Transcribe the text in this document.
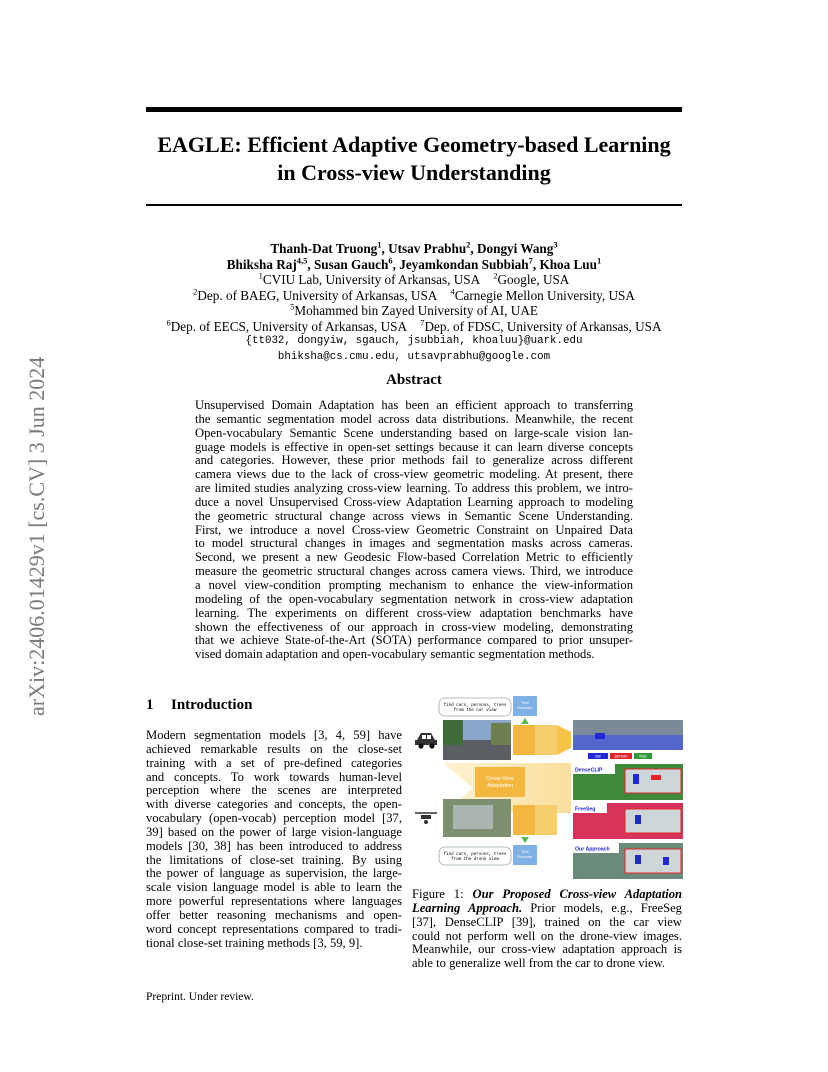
arXiv:2406.01429v1 [cs.CV] 3 Jun 2024
EAGLE: Efficient Adaptive Geometry-based Learning
in Cross-view Understanding
Thanh-Dat Truong$^1$, Utsav Prabhu$^2$, Dongyi Wang$^3$
Bhiksha Raj$^{4,5}$, Susan Gauch$^6$, Jeyamkondan Subbiah$^7$, Khoa Luu$^1$
$^1$CVIU Lab, University of Arkansas, USA $^2$Google, USA
$^2$Dep. of BAEG, University of Arkansas, USA $^4$Carnegie Mellon University, USA
$^5$Mohammed bin Zayed University of AI, UAE
$^6$Dep. of EECS, University of Arkansas, USA $^7$Dep. of FDSC, University of Arkansas, USA
{tt032, dongyiw, sgauch, jsubbiah, khoaluu}@uark.edu
bhiksha@cs.cmu.edu, utsavprabhu@google.com
Abstract
Unsupervised Domain Adaptation has been an efficient approach to transferring
the semantic segmentation model across data distributions. Meanwhile, the recent
Open-vocabulary Semantic Scene understanding based on large-scale vision lan-
guage models is effective in open-set settings because it can learn diverse concepts
and categories. However, these prior methods fail to generalize across different
camera views due to the lack of cross-view geometric modeling. At present, there
are limited studies analyzing cross-view learning. To address this problem, we intro-
duce a novel Unsupervised Cross-view Adaptation Learning approach to modeling
the geometric structural change across views in Semantic Scene Understanding.
First, we introduce a novel Cross-view Geometric Constraint on Unpaired Data
to model structural changes in images and segmentation masks across cameras.
Second, we present a new Geodesic Flow-based Correlation Metric to efficiently
measure the geometric structural changes across camera views. Third, we introduce
a novel view-condition prompting mechanism to enhance the view-information
modeling of the open-vocabulary segmentation network in cross-view adaptation
learning. The experiments on different cross-view adaptation benchmarks have
shown the effectiveness of our approach in cross-view modeling, demonstrating
that we achieve State-of-the-Art (SOTA) performance compared to prior unsuper-
vised domain adaptation and open-vocabulary semantic segmentation methods.
1 Introduction
Modern segmentation models [3, 4, 59] have
achieved remarkable results on the close-set
training with a set of pre-defined categories
and concepts. To work towards human-level
perception where the scenes are interpreted
with diverse categories and concepts, the open-
vocabulary (open-vocab) perception model [37,
39] based on the power of large vision-language
models [30, 38] has been introduced to address
the limitations of close-set training. By using
the power of language as supervision, the large-
scale vision language model is able to learn the
more powerful representations where languages
offer better reasoning mechanisms and open-
word concept representations compared to tradi-
tional close-set training methods [3, 59, 9].
find cars, persons, trees from the car view
Text Encoder
car	person	tree
Cross-View Adaptation
DenseCLIP
FreeSeg
find cars, persons, trees from the drone view
Text Encoder
Our Approach
Figure 1: Our Proposed Cross-view Adaptation
Learning Approach. Prior models, e.g., FreeSeg
[37], DenseCLIP [39], trained on the car view
could not perform well on the drone-view images.
Meanwhile, our cross-view adaptation approach is
able to generalize well from the car to drone view.
Preprint. Under review.
